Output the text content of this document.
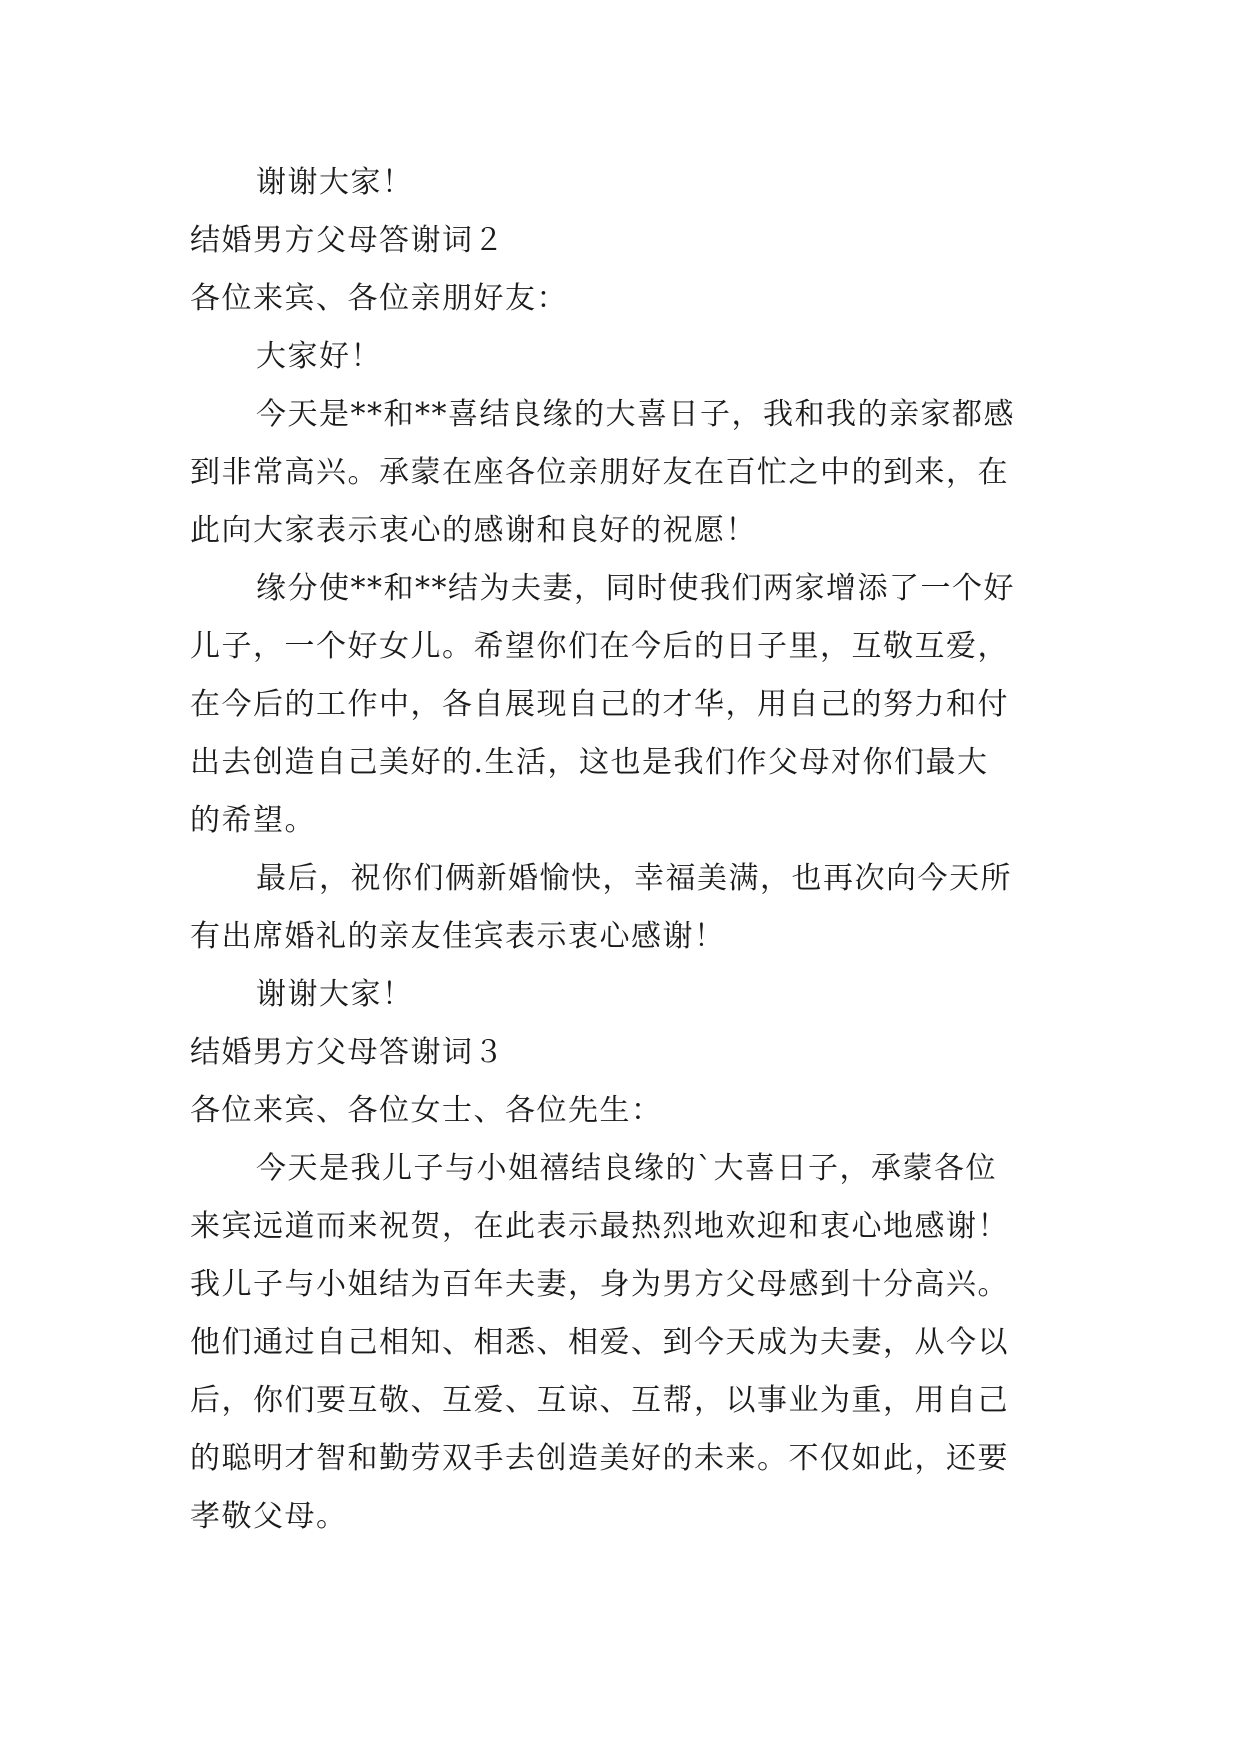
谢谢大家！
结婚男方父母答谢词２
各位来宾、各位亲朋好友：
大家好！
今天是**和**喜结良缘的大喜日子，我和我的亲家都感
到非常高兴。承蒙在座各位亲朋好友在百忙之中的到来，在
此向大家表示衷心的感谢和良好的祝愿！
缘分使**和**结为夫妻，同时使我们两家增添了一个好
儿子，一个好女儿。希望你们在今后的日子里，互敬互爱，
在今后的工作中，各自展现自己的才华，用自己的努力和付
出去创造自己美好的.生活，这也是我们作父母对你们最大
的希望。
最后，祝你们俩新婚愉快，幸福美满，也再次向今天所
有出席婚礼的亲友佳宾表示衷心感谢！
谢谢大家！
结婚男方父母答谢词３
各位来宾、各位女士、各位先生：
今天是我儿子与小姐禧结良缘的`大喜日子，承蒙各位
来宾远道而来祝贺，在此表示最热烈地欢迎和衷心地感谢！
我儿子与小姐结为百年夫妻，身为男方父母感到十分高兴。
他们通过自己相知、相悉、相爱、到今天成为夫妻，从今以
后，你们要互敬、互爱、互谅、互帮，以事业为重，用自己
的聪明才智和勤劳双手去创造美好的未来。不仅如此，还要
孝敬父母。
